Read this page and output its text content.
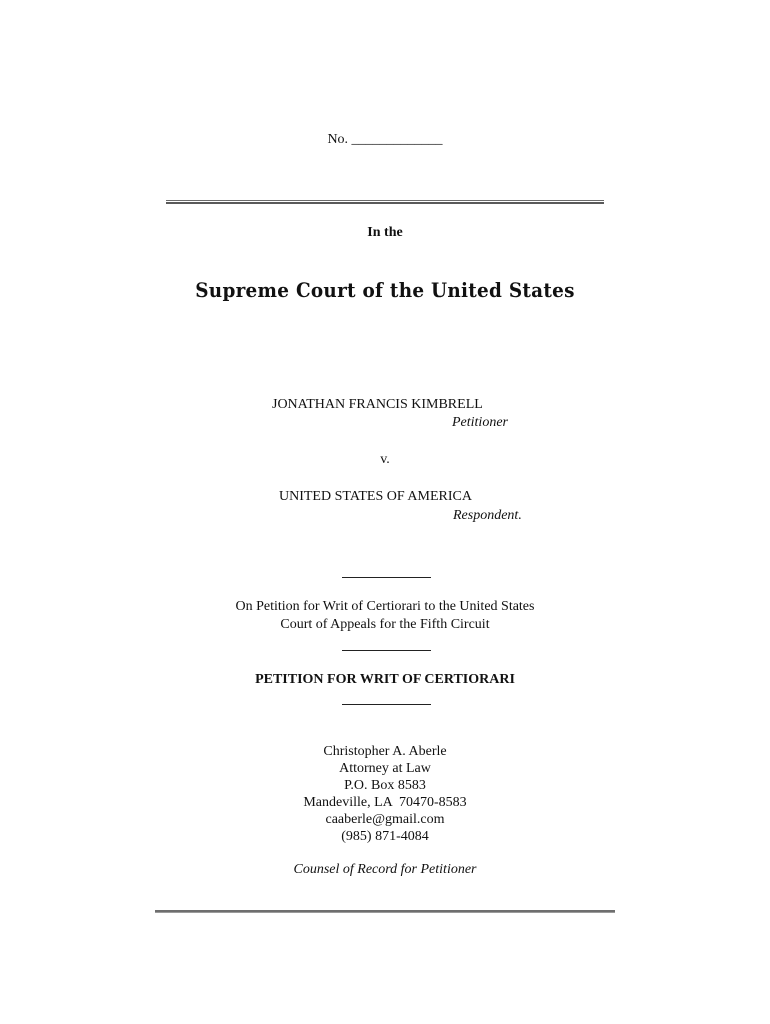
No. _____________
In the
Supreme Court of the United States
JONATHAN FRANCIS KIMBRELL
Petitioner
v.
UNITED STATES OF AMERICA
Respondent.
On Petition for Writ of Certiorari to the United States
Court of Appeals for the Fifth Circuit
PETITION FOR WRIT OF CERTIORARI
Christopher A. Aberle
Attorney at Law
P.O. Box 8583
Mandeville, LA  70470-8583
caaberle@gmail.com
(985) 871-4084
Counsel of Record for Petitioner
